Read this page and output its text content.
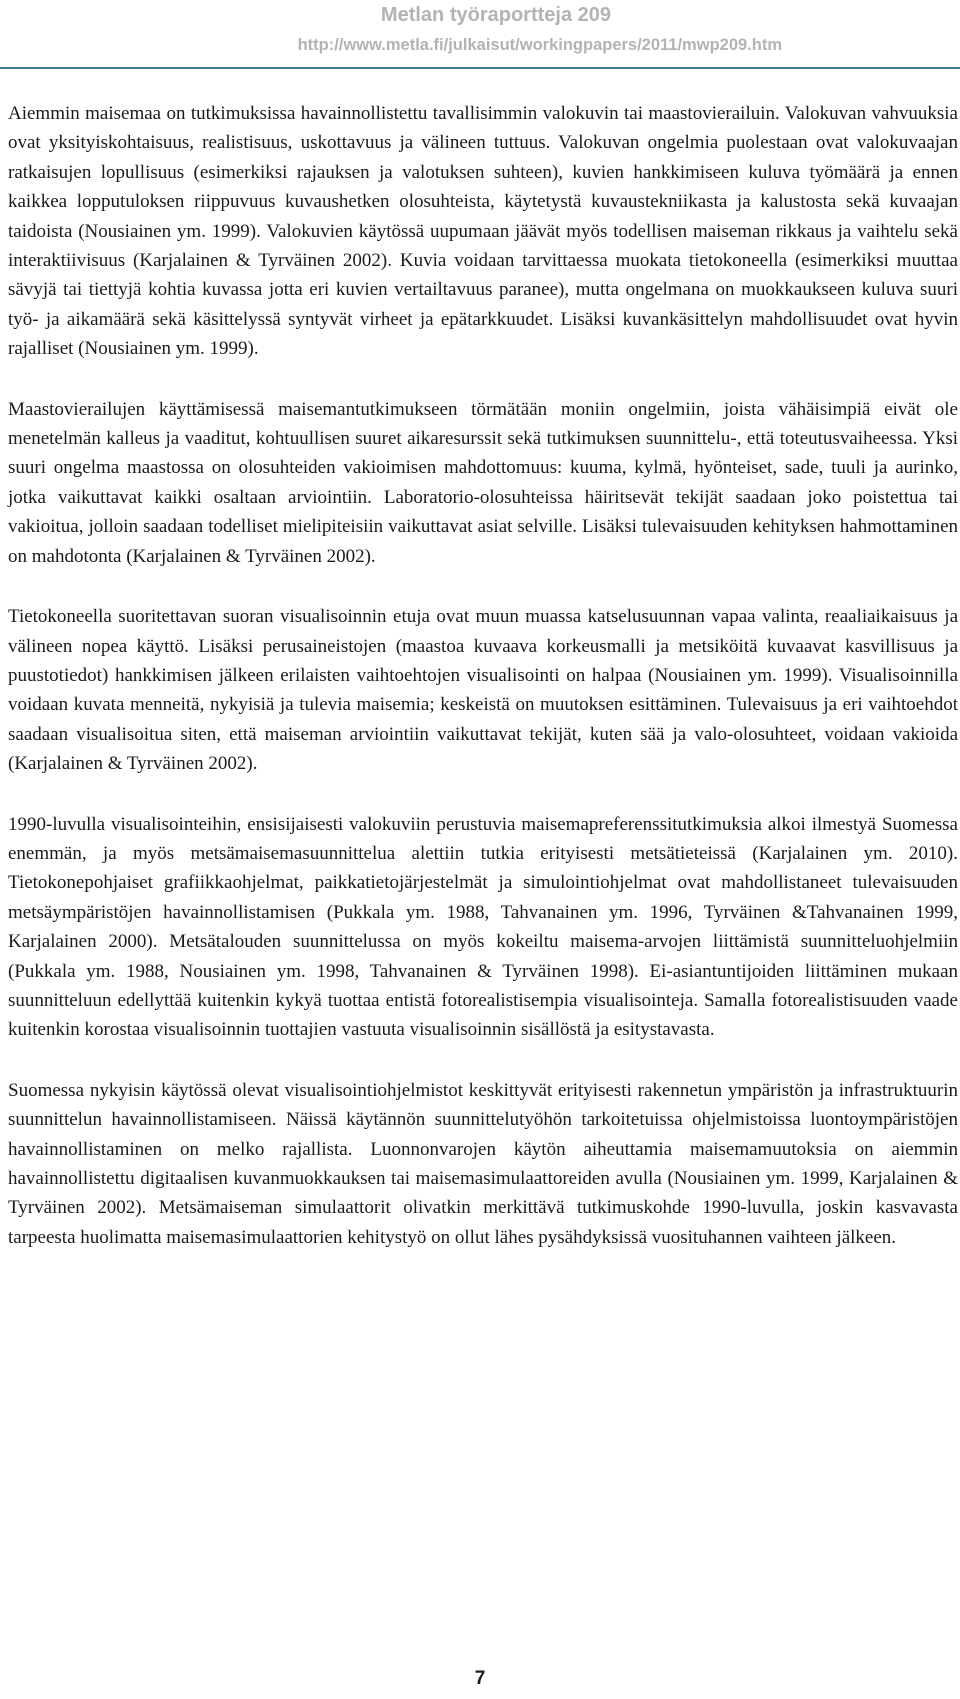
Metlan työraportteja 209
http://www.metla.fi/julkaisut/workingpapers/2011/mwp209.htm

Aiemmin maisemaa on tutkimuksissa havainnollistettu tavallisimmin valokuvin tai maastovierailuin. Valokuvan vahvuuksia ovat yksityiskohtaisuus, realistisuus, uskottavuus ja välineen tuttuus. Valokuvan ongelmia puolestaan ovat valokuvaajan ratkaisujen lopullisuus (esimerkiksi rajauksen ja valotuksen suhteen), kuvien hankkimiseen kuluva työmäärä ja ennen kaikkea lopputuloksen riippuvuus kuvaushetken olosuhteista, käytetystä kuvaustekniikasta ja kalustosta sekä kuvaajan taidoista (Nousiainen ym. 1999). Valokuvien käytössä uupumaan jäävät myös todellisen maiseman rikkaus ja vaihtelu sekä interaktiivisuus (Karjalainen & Tyrväinen 2002). Kuvia voidaan tarvittaessa muokata tietokoneella (esimerkiksi muuttaa sävyjä tai tiettyjä kohtia kuvassa jotta eri kuvien vertailtavuus paranee), mutta ongelmana on muokkaukseen kuluva suuri työ- ja aikamäärä sekä käsittelyssä syntyvät virheet ja epätarkkuudet. Lisäksi kuvankäsittelyn mahdollisuudet ovat hyvin rajalliset (Nousiainen ym. 1999).

Maastovierailujen käyttämisessä maisemantutkimukseen törmätään moniin ongelmiin, joista vähäisimpiä eivät ole menetelmän kalleus ja vaaditut, kohtuullisen suuret aikaresurssit sekä tutkimuksen suunnittelu-, että toteutusvaiheessa. Yksi suuri ongelma maastossa on olosuhteiden vakioimisen mahdottomuus: kuuma, kylmä, hyönteiset, sade, tuuli ja aurinko, jotka vaikuttavat kaikki osaltaan arviointiin. Laboratorio-olosuhteissa häiritsevät tekijät saadaan joko poistettua tai vakioitua, jolloin saadaan todelliset mielipiteisiin vaikuttavat asiat selville. Lisäksi tulevaisuuden kehityksen hahmottaminen on mahdotonta (Karjalainen & Tyrväinen 2002).

Tietokoneella suoritettavan suoran visualisoinnin etuja ovat muun muassa katselusuunnan vapaa valinta, reaaliaikaisuus ja välineen nopea käyttö. Lisäksi perusaineistojen (maastoa kuvaava korkeusmalli ja metsiköitä kuvaavat kasvillisuus ja puustotiedot) hankkimisen jälkeen erilaisten vaihtoehtojen visualisointi on halpaa (Nousiainen ym. 1999). Visualisoinnilla voidaan kuvata menneitä, nykyisiä ja tulevia maisemia; keskeistä on muutoksen esittäminen. Tulevaisuus ja eri vaihtoehdot saadaan visualisoitua siten, että maiseman arviointiin vaikuttavat tekijät, kuten sää ja valo-olosuhteet, voidaan vakioida (Karjalainen & Tyrväinen 2002).

1990-luvulla visualisointeihin, ensisijaisesti valokuviin perustuvia maisemapreferenssitutkimuksia alkoi ilmestyä Suomessa enemmän, ja myös metsämaisemasuunnittelua alettiin tutkia erityisesti metsätieteissä (Karjalainen ym. 2010). Tietokonepohjaiset grafiikkaohjelmat, paikkatietojärjestelmät ja simulointiohjelmat ovat mahdollistaneet tulevaisuuden metsäympäristöjen havainnollistamisen (Pukkala ym. 1988, Tahvanainen ym. 1996, Tyrväinen &Tahvanainen 1999, Karjalainen 2000). Metsätalouden suunnittelussa on myös kokeiltu maisema-arvojen liittämistä suunnitteluohjelmiin (Pukkala ym. 1988, Nousiainen ym. 1998, Tahvanainen & Tyrväinen 1998). Ei-asiantuntijoiden liittäminen mukaan suunnitteluun edellyttää kuitenkin kykyä tuottaa entistä fotorealistisempia visualisointeja. Samalla fotorealistisuuden vaade kuitenkin korostaa visualisoinnin tuottajien vastuuta visualisoinnin sisällöstä ja esitystavasta.

Suomessa nykyisin käytössä olevat visualisointiohjelmistot keskittyvät erityisesti rakennetun ympäristön ja infrastruktuurin suunnittelun havainnollistamiseen. Näissä käytännön suunnittelutyöhön tarkoitetuissa ohjelmistoissa luontoympäristöjen havainnollistaminen on melko rajallista. Luonnonvarojen käytön aiheuttamia maisemamuutoksia on aiemmin havainnollistettu digitaalisen kuvanmuokkauksen tai maisemasimulaattoreiden avulla (Nousiainen ym. 1999, Karjalainen & Tyrväinen 2002). Metsämaiseman simulaattorit olivatkin merkittävä tutkimuskohde 1990-luvulla, joskin kasvavasta tarpeesta huolimatta maisemasimulaattorien kehitystyö on ollut lähes pysähdyksissä vuosituhannen vaihteen jälkeen.

7
